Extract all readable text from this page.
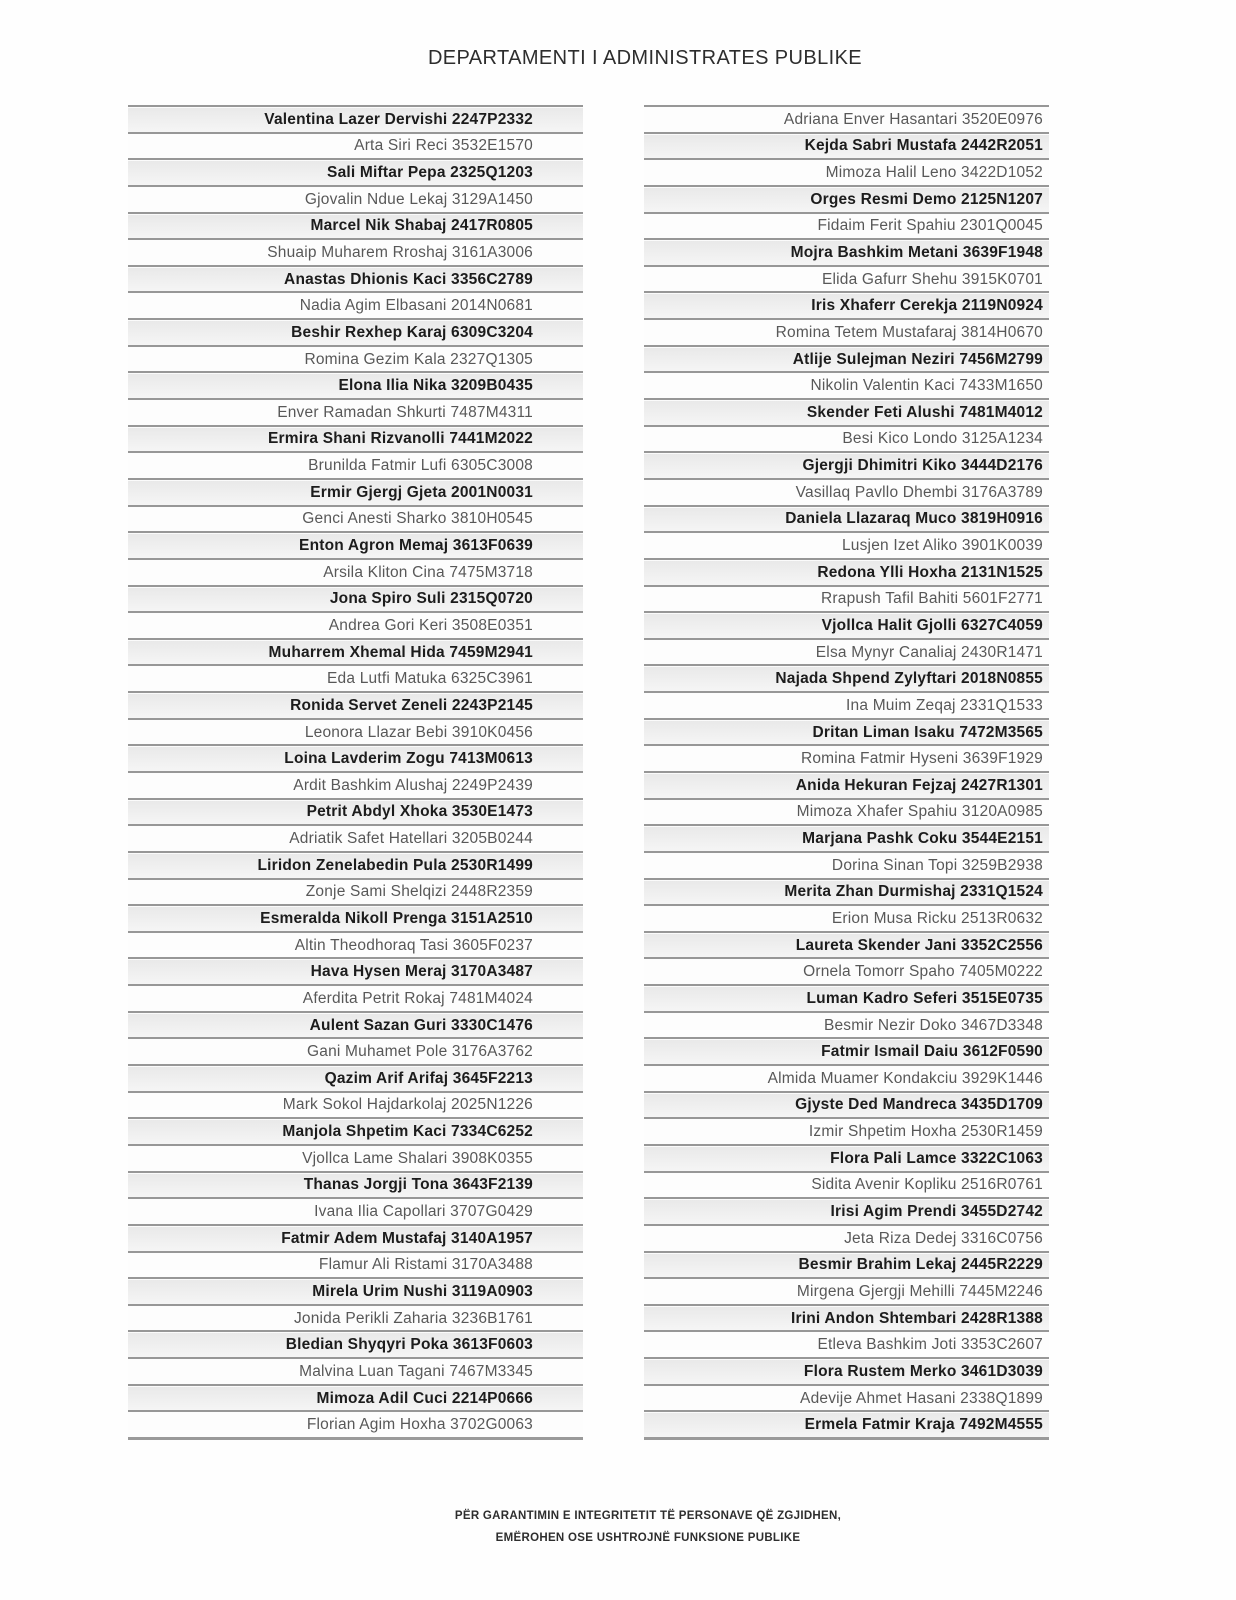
DEPARTAMENTI I ADMINISTRATES PUBLIKE
Valentina Lazer Dervishi 2247P2332
Arta Siri Reci 3532E1570
Sali Miftar Pepa 2325Q1203
Gjovalin Ndue Lekaj 3129A1450
Marcel Nik Shabaj 2417R0805
Shuaip Muharem Rroshaj 3161A3006
Anastas Dhionis Kaci 3356C2789
Nadia Agim Elbasani 2014N0681
Beshir Rexhep Karaj 6309C3204
Romina Gezim Kala 2327Q1305
Elona Ilia Nika 3209B0435
Enver Ramadan Shkurti 7487M4311
Ermira Shani Rizvanolli 7441M2022
Brunilda Fatmir Lufi 6305C3008
Ermir Gjergj Gjeta 2001N0031
Genci Anesti Sharko 3810H0545
Enton Agron Memaj 3613F0639
Arsila Kliton Cina 7475M3718
Jona Spiro Suli 2315Q0720
Andrea Gori Keri 3508E0351
Muharrem Xhemal Hida 7459M2941
Eda Lutfi Matuka 6325C3961
Ronida Servet Zeneli 2243P2145
Leonora Llazar Bebi 3910K0456
Loina Lavderim Zogu 7413M0613
Ardit Bashkim Alushaj 2249P2439
Petrit Abdyl Xhoka 3530E1473
Adriatik Safet Hatellari 3205B0244
Liridon Zenelabedin Pula 2530R1499
Zonje Sami Shelqizi 2448R2359
Esmeralda Nikoll Prenga 3151A2510
Altin Theodhoraq Tasi 3605F0237
Hava Hysen Meraj 3170A3487
Aferdita Petrit Rokaj 7481M4024
Aulent Sazan Guri 3330C1476
Gani Muhamet Pole 3176A3762
Qazim Arif Arifaj 3645F2213
Mark Sokol Hajdarkolaj 2025N1226
Manjola Shpetim Kaci 7334C6252
Vjollca Lame Shalari 3908K0355
Thanas Jorgji Tona 3643F2139
Ivana Ilia Capollari 3707G0429
Fatmir Adem Mustafaj 3140A1957
Flamur Ali Ristami 3170A3488
Mirela Urim Nushi 3119A0903
Jonida Perikli Zaharia 3236B1761
Bledian Shyqyri Poka 3613F0603
Malvina Luan Tagani 7467M3345
Mimoza Adil Cuci 2214P0666
Florian Agim Hoxha 3702G0063
Adriana Enver Hasantari 3520E0976
Kejda Sabri Mustafa 2442R2051
Mimoza Halil Leno 3422D1052
Orges Resmi Demo 2125N1207
Fidaim Ferit Spahiu 2301Q0045
Mojra Bashkim Metani 3639F1948
Elida Gafurr Shehu 3915K0701
Iris Xhaferr Cerekja 2119N0924
Romina Tetem Mustafaraj 3814H0670
Atlije Sulejman Neziri 7456M2799
Nikolin Valentin Kaci 7433M1650
Skender Feti Alushi 7481M4012
Besi Kico Londo 3125A1234
Gjergji Dhimitri Kiko 3444D2176
Vasillaq Pavllo Dhembi 3176A3789
Daniela Llazaraq Muco 3819H0916
Lusjen Izet Aliko 3901K0039
Redona Ylli Hoxha 2131N1525
Rrapush Tafil Bahiti 5601F2771
Vjollca Halit Gjolli 6327C4059
Elsa Mynyr Canaliaj 2430R1471
Najada Shpend Zylyftari 2018N0855
Ina Muim Zeqaj 2331Q1533
Dritan Liman Isaku 7472M3565
Romina Fatmir Hyseni 3639F1929
Anida Hekuran Fejzaj 2427R1301
Mimoza Xhafer Spahiu 3120A0985
Marjana Pashk Coku 3544E2151
Dorina Sinan Topi 3259B2938
Merita Zhan Durmishaj 2331Q1524
Erion Musa Ricku 2513R0632
Laureta Skender Jani 3352C2556
Ornela Tomorr Spaho 7405M0222
Luman Kadro Seferi 3515E0735
Besmir Nezir Doko 3467D3348
Fatmir Ismail Daiu 3612F0590
Almida Muamer Kondakciu 3929K1446
Gjyste Ded Mandreca 3435D1709
Izmir Shpetim Hoxha 2530R1459
Flora Pali Lamce 3322C1063
Sidita Avenir Kopliku 2516R0761
Irisi Agim Prendi 3455D2742
Jeta Riza Dedej 3316C0756
Besmir Brahim Lekaj 2445R2229
Mirgena Gjergji Mehilli 7445M2246
Irini Andon Shtembari 2428R1388
Etleva Bashkim Joti 3353C2607
Flora Rustem Merko 3461D3039
Adevije Ahmet Hasani 2338Q1899
Ermela Fatmir Kraja 7492M4555
PËR GARANTIMIN E INTEGRITETIT TË PERSONAVE QË ZGJIDHEN,
EMËROHEN OSE USHTROJNË FUNKSIONE PUBLIKE
